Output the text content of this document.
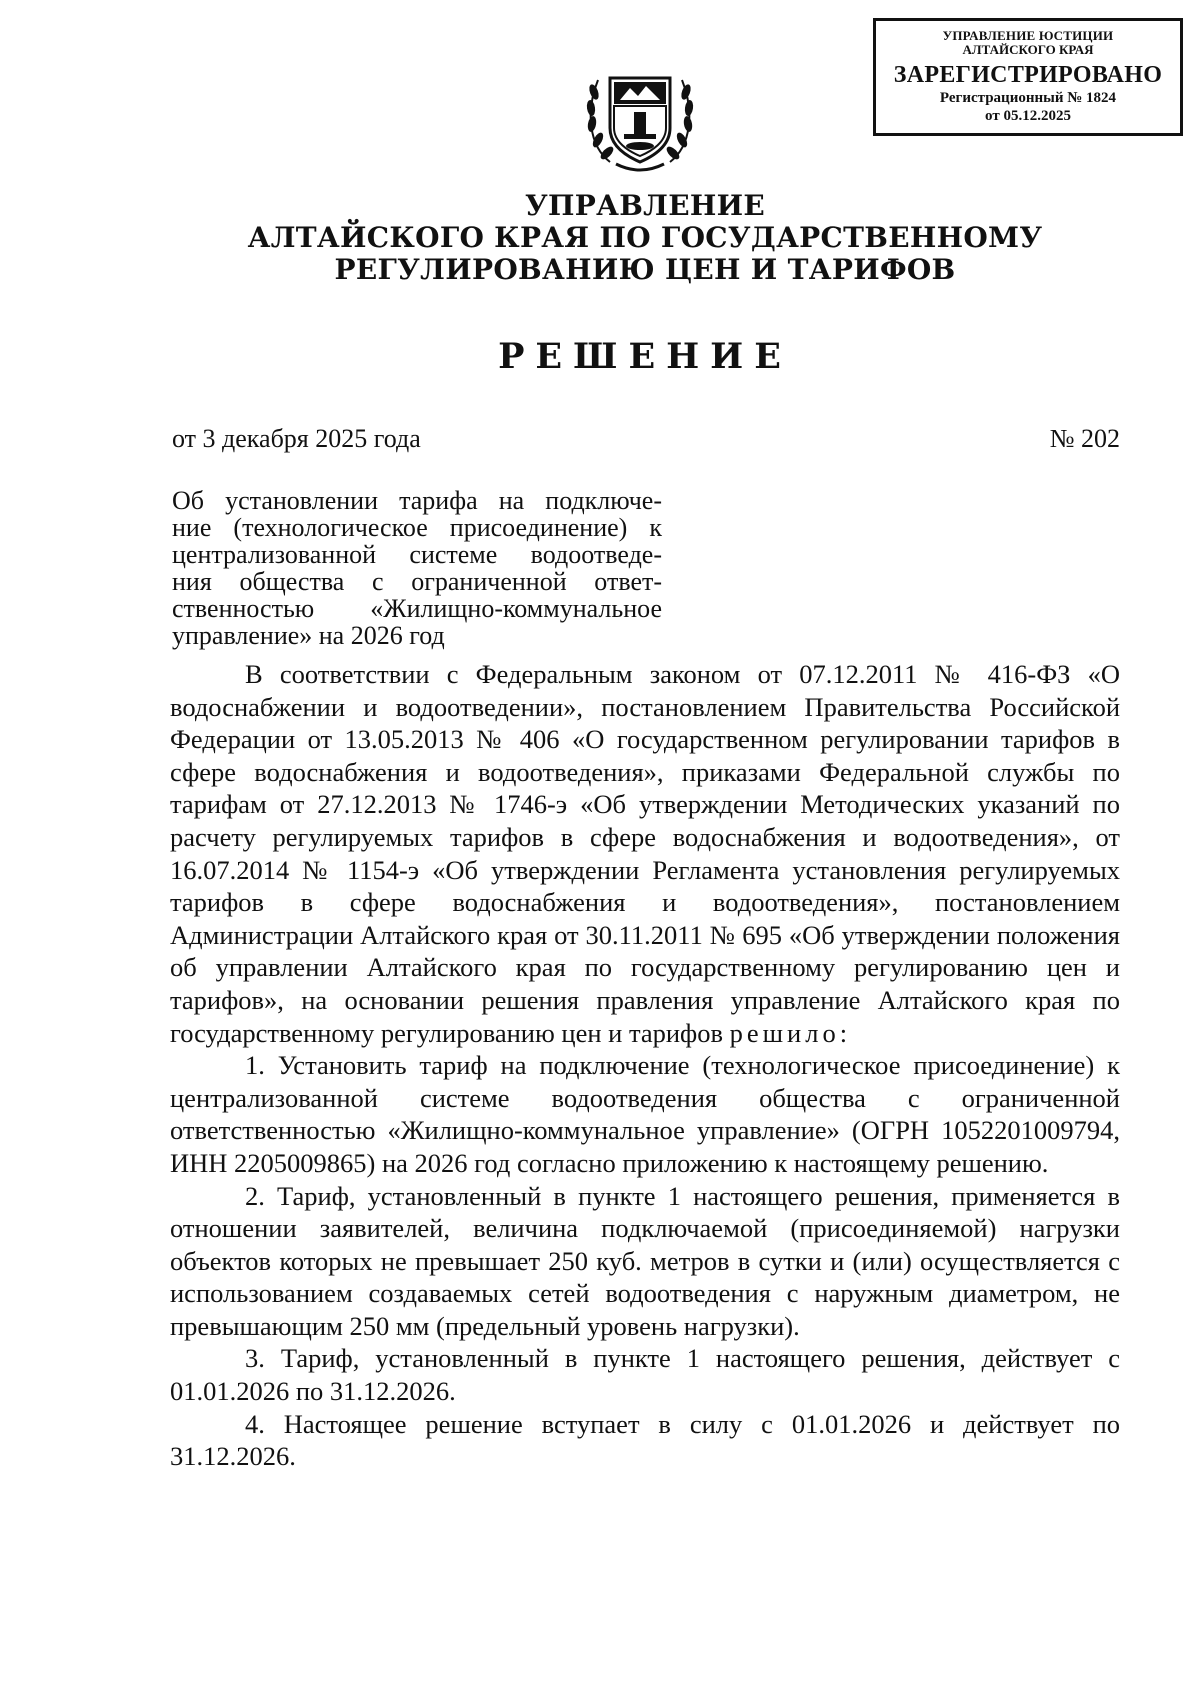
УПРАВЛЕНИЕ ЮСТИЦИИ
АЛТАЙСКОГО КРАЯ
ЗАРЕГИСТРИРОВАНО
Регистрационный № 1824
от 05.12.2025
УПРАВЛЕНИЕ
АЛТАЙСКОГО КРАЯ ПО ГОСУДАРСТВЕННОМУ
РЕГУЛИРОВАНИЮ ЦЕН И ТАРИФОВ
РЕШЕНИЕ
от 3 декабря 2025 года	№ 202
Об установлении тарифа на подключе-
ние (технологическое присоединение) к
централизованной системе водоотведе-
ния общества с ограниченной ответ-
ственностью «Жилищно-коммунальное
управление» на 2026 год

В соответствии с Федеральным законом от 07.12.2011 № 416-ФЗ «О водоснабжении и водоотведении», постановлением Правительства Российской Федерации от 13.05.2013 № 406 «О государственном регулировании тарифов в сфере водоснабжения и водоотведения», приказами Федеральной службы по тарифам от 27.12.2013 № 1746-э «Об утверждении Методических указаний по расчету регулируемых тарифов в сфере водоснабжения и водоотведения», от 16.07.2014 № 1154-э «Об утверждении Регламента установления регулируемых тарифов в сфере водоснабжения и водоотведения», постановлением Администрации Алтайского края от 30.11.2011 № 695 «Об утверждении положения об управлении Алтайского края по государственному регулированию цен и тарифов», на основании решения правления управление Алтайского края по государственному регулированию цен и тарифов решило:

1. Установить тариф на подключение (технологическое присоединение) к централизованной системе водоотведения общества с ограниченной ответственностью «Жилищно-коммунальное управление» (ОГРН 1052201009794, ИНН 2205009865) на 2026 год согласно приложению к настоящему решению.

2. Тариф, установленный в пункте 1 настоящего решения, применяется в отношении заявителей, величина подключаемой (присоединяемой) нагрузки объектов которых не превышает 250 куб. метров в сутки и (или) осуществляется с использованием создаваемых сетей водоотведения с наружным диаметром, не превышающим 250 мм (предельный уровень нагрузки).

3. Тариф, установленный в пункте 1 настоящего решения, действует с 01.01.2026 по 31.12.2026.

4. Настоящее решение вступает в силу с 01.01.2026 и действует по 31.12.2026.
